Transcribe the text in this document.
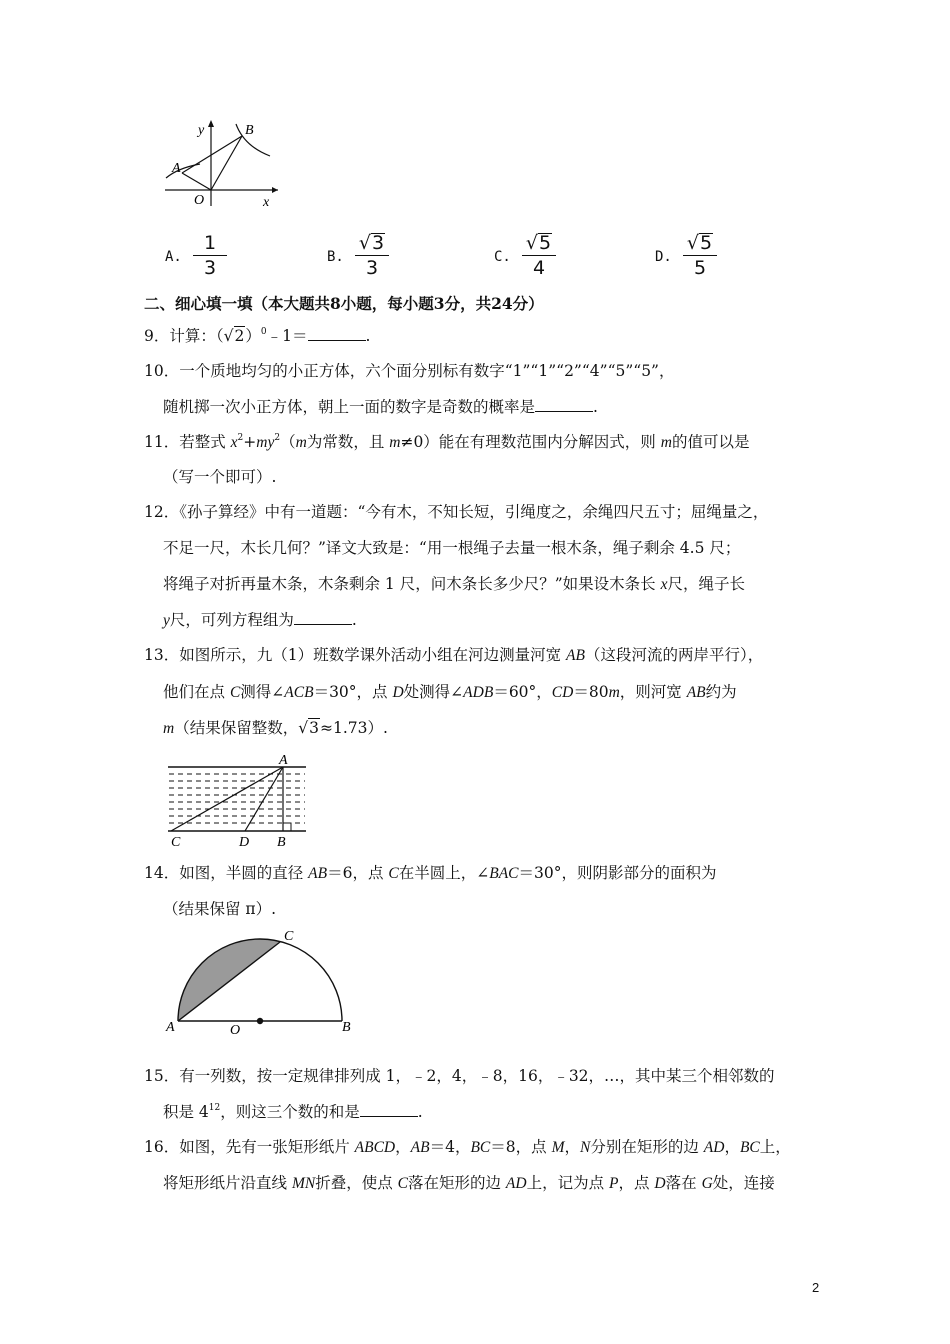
y	B
A
O	x
A.
1
3	B.
√3
3	C.
√5
4	D.
√5
5
二、细心填一填（本大题共8小题，每小题3分，共24分）
9．计算：$(√2)^0﹣1=$	.
10．一个质地均匀的小正方体，六个面分别标有数字“1”“1”“2”“4”“5”“5”，
随机掷一次小正方体，朝上一面的数字是奇数的概率是	.
11．若整式 $x^2+my^2(m$为常数，且 m≠0）能在有理数范围内分解因式，则 m的值可以是
（写一个即可）.
12．《孙子算经》中有一道题：“今有木，不知长短，引绳度之，余绳四尺五寸；屈绳量之，
不足一尺，木长几何？”译文大致是：“用一根绳子去量一根木条，绳子剩余 4.5 尺；
将绳子对折再量木条，木条剩余 1 尺，问木条长多少尺？”如果设木条长 x尺，绳子长
y尺，可列方程组为	.
13．如图所示，九（1）班数学课外活动小组在河边测量河宽 AB（这段河流的两岸平行），
他们在点 C测得∠ACB＝30°，点 D处测得∠ADB＝60°，CD＝80m，则河宽 AB约为
m（结果保留整数，√3≈1.73）.
A
C	D B
14．如图，半圆的直径 AB＝6，点 C在半圆上，∠BAC＝30°，则阴影部分的面积为
（结果保留 π）.
C
A	O	B
15．有一列数，按一定规律排列成 1，﹣2，4，﹣8，16，﹣32，…，其中某三个相邻数的
积是 $4^{12}$，则这三个数的和是	.
16．如图，先有一张矩形纸片 ABCD，AB＝4，BC＝8，点 M，N分别在矩形的边 AD，BC上，
将矩形纸片沿直线 MN折叠，使点 C落在矩形的边 AD上，记为点 P，点 D落在 G处，连接
2
